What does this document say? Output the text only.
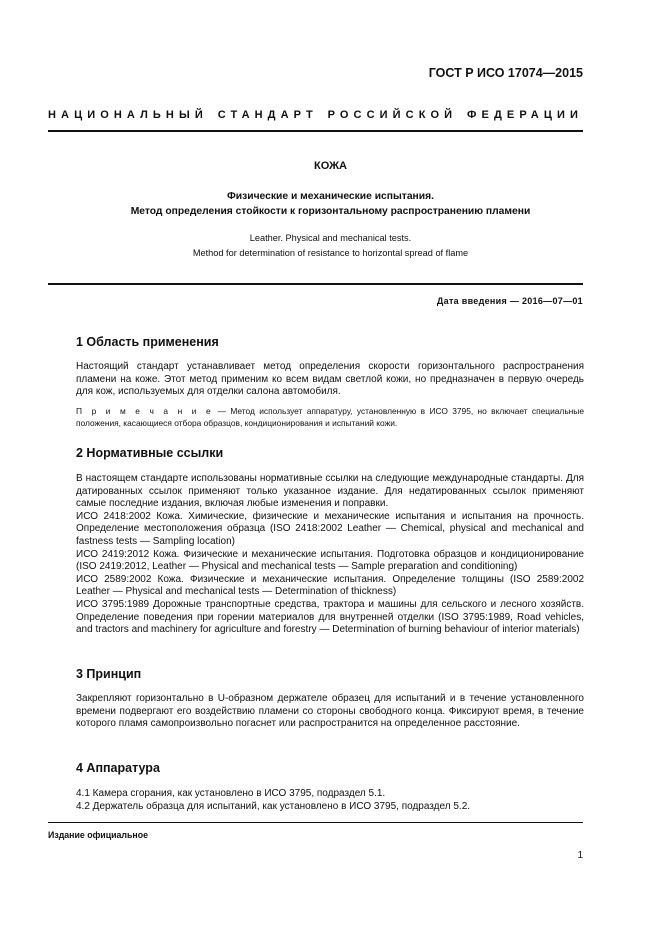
ГОСТ Р ИСО 17074—2015
НАЦИОНАЛЬНЫЙ СТАНДАРТ РОССИЙСКОЙ ФЕДЕРАЦИИ
КОЖА
Физические и механические испытания.
Метод определения стойкости к горизонтальному распространению пламени
Leather. Physical and mechanical tests.
Method for determination of resistance to horizontal spread of flame
Дата введения — 2016—07—01
1 Область применения

Настоящий стандарт устанавливает метод определения скорости горизонтального распространения пламени на коже. Этот метод применим ко всем видам светлой кожи, но предназначен в первую очередь для кож, используемых для отделки салона автомобиля.

П р и м е ч а н и е — Метод использует аппаратуру, установленную в ИСО 3795, но включает специальные положения, касающиеся отбора образцов, кондиционирования и испытаний кожи.

2 Нормативные ссылки

В настоящем стандарте использованы нормативные ссылки на следующие международные стандарты. Для датированных ссылок применяют только указанное издание. Для недатированных ссылок применяют самые последние издания, включая любые изменения и поправки.

ИСО 2418:2002 Кожа. Химические, физические и механические испытания и испытания на прочность. Определение местоположения образца (ISO 2418:2002 Leather — Chemical, physical and mechanical and fastness tests — Sampling location)

ИСО 2419:2012 Кожа. Физические и механические испытания. Подготовка образцов и кондиционирование (ISO 2419:2012, Leather — Physical and mechanical tests — Sample preparation and conditioning)

ИСО 2589:2002 Кожа. Физические и механические испытания. Определение толщины (ISO 2589:2002 Leather — Physical and mechanical tests — Determination of thickness)

ИСО 3795:1989 Дорожные транспортные средства, трактора и машины для сельского и лесного хозяйств. Определение поведения при горении материалов для внутренней отделки (ISO 3795:1989, Road vehicles, and tractors and machinery for agriculture and forestry — Determination of burning behaviour of interior materials)

3 Принцип

Закрепляют горизонтально в U-образном держателе образец для испытаний и в течение установленного времени подвергают его воздействию пламени со стороны свободного конца. Фиксируют время, в течение которого пламя самопроизвольно погаснет или распространится на определенное расстояние.

4 Аппаратура

4.1 Камера сгорания, как установлено в ИСО 3795, подраздел 5.1.

4.2 Держатель образца для испытаний, как установлено в ИСО 3795, подраздел 5.2.

Издание официальное
1
